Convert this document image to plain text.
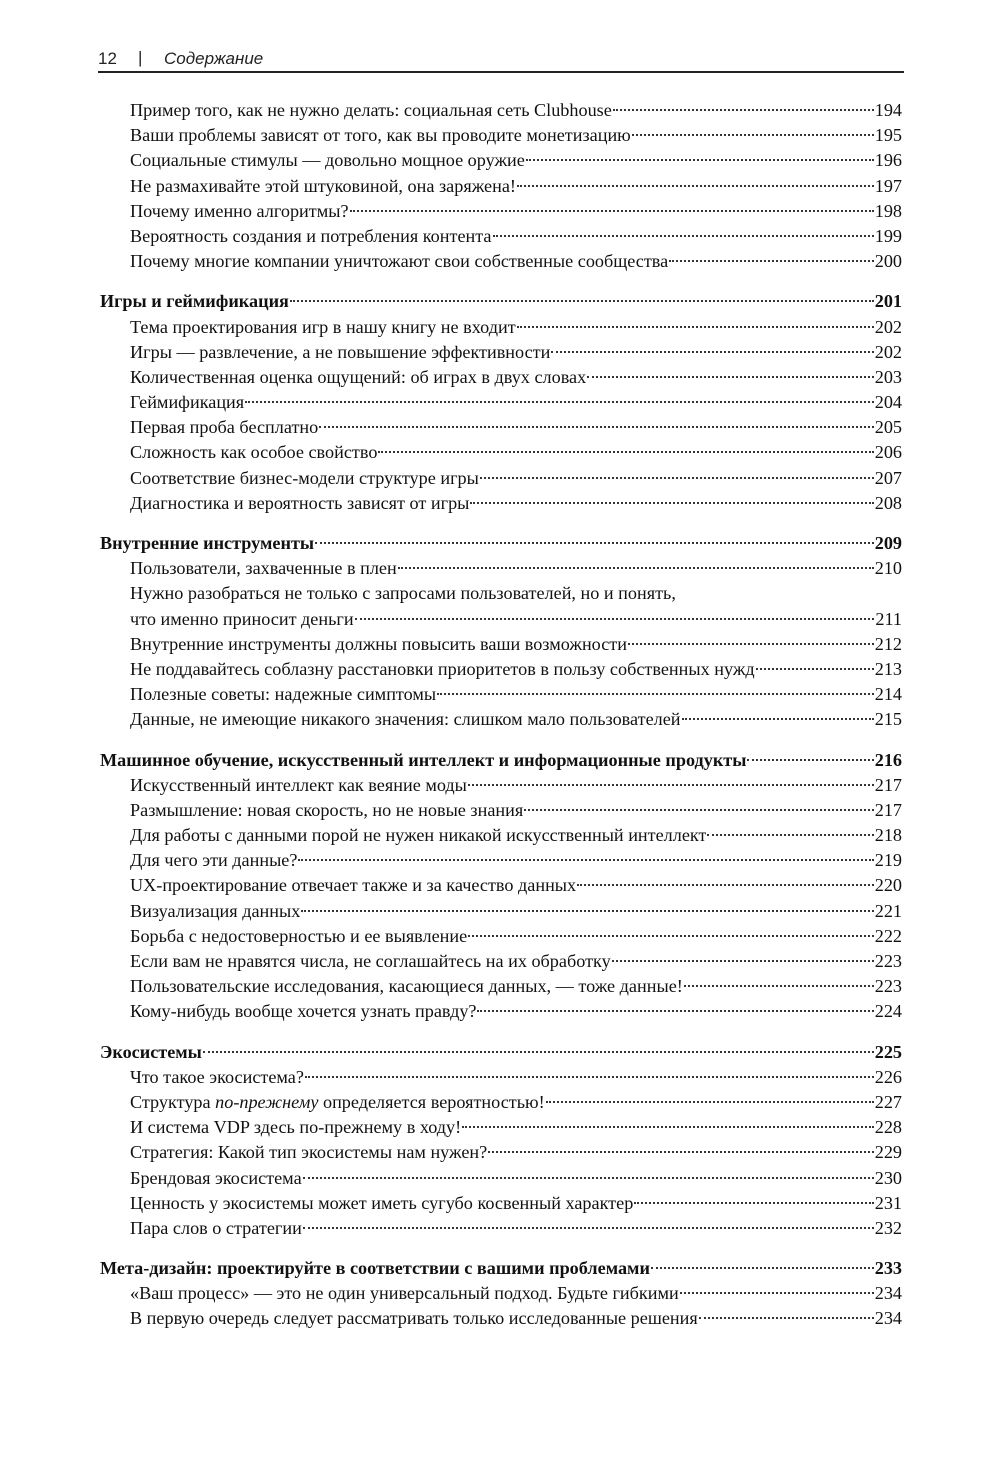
12 | Содержание
Пример того, как не нужно делать: социальная сеть Clubhouse	194
Ваши проблемы зависят от того, как вы проводите монетизацию	195
Социальные стимулы — довольно мощное оружие	196
Не размахивайте этой штуковиной, она заряжена!	197
Почему именно алгоритмы?	198
Вероятность создания и потребления контента	199
Почему многие компании уничтожают свои собственные сообщества	200
Игры и геймификация	201
Тема проектирования игр в нашу книгу не входит	202
Игры — развлечение, а не повышение эффективности	202
Количественная оценка ощущений: об играх в двух словах	203
Геймификация	204
Первая проба бесплатно	205
Сложность как особое свойство	206
Соответствие бизнес-модели структуре игры	207
Диагностика и вероятность зависят от игры	208
Внутренние инструменты	209
Пользователи, захваченные в плен	210
Нужно разобраться не только с запросами пользователей, но и понять,
что именно приносит деньги	211
Внутренние инструменты должны повысить ваши возможности	212
Не поддавайтесь соблазну расстановки приоритетов в пользу собственных нужд	213
Полезные советы: надежные симптомы	214
Данные, не имеющие никакого значения: слишком мало пользователей	215
Машинное обучение, искусственный интеллект и информационные продукты	216
Искусственный интеллект как веяние моды	217
Размышление: новая скорость, но не новые знания	217
Для работы с данными порой не нужен никакой искусственный интеллект	218
Для чего эти данные?	219
UX-проектирование отвечает также и за качество данных	220
Визуализация данных	221
Борьба с недостоверностью и ее выявление	222
Если вам не нравятся числа, не соглашайтесь на их обработку	223
Пользовательские исследования, касающиеся данных, — тоже данные!	223
Кому-нибудь вообще хочется узнать правду?	224
Экосистемы	225
Что такое экосистема?	226
Структура по-прежнему определяется вероятностью!	227
И система VDP здесь по-прежнему в ходу!	228
Стратегия: Какой тип экосистемы нам нужен?	229
Брендовая экосистема	230
Ценность у экосистемы может иметь сугубо косвенный характер	231
Пара слов о стратегии	232
Мета-дизайн: проектируйте в соответствии с вашими проблемами	233
«Ваш процесс» — это не один универсальный подход. Будьте гибкими	234
В первую очередь следует рассматривать только исследованные решения	234
